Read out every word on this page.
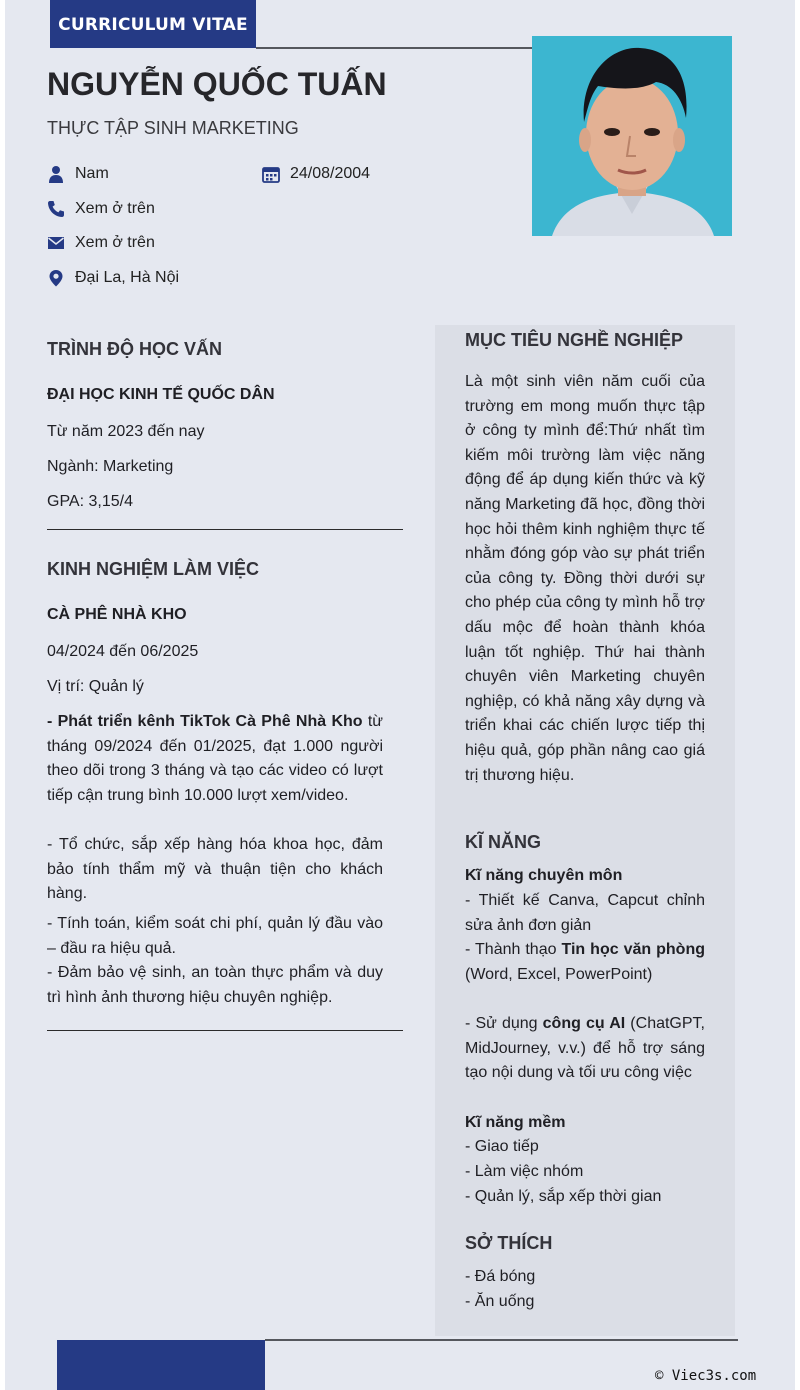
CURRICULUM VITAE
NGUYỄN QUỐC TUẤN
THỰC TẬP SINH MARKETING
Nam	24/08/2004
Xem ở trên
Xem ở trên
Đại La, Hà Nội
TRÌNH ĐỘ HỌC VẤN
ĐẠI HỌC KINH TẾ QUỐC DÂN
Từ năm 2023 đến nay
Ngành: Marketing
GPA: 3,15/4
KINH NGHIỆM LÀM VIỆC
CÀ PHÊ NHÀ KHO
04/2024 đến 06/2025
Vị trí: Quản lý
- Phát triển kênh TikTok Cà Phê Nhà Kho từ tháng 09/2024 đến 01/2025, đạt 1.000 người theo dõi trong 3 tháng và tạo các video có lượt tiếp cận trung bình 10.000 lượt xem/video.
- Tổ chức, sắp xếp hàng hóa khoa học, đảm bảo tính thẩm mỹ và thuận tiện cho khách hàng.
- Tính toán, kiểm soát chi phí, quản lý đầu vào – đầu ra hiệu quả.
- Đảm bảo vệ sinh, an toàn thực phẩm và duy trì hình ảnh thương hiệu chuyên nghiệp.
MỤC TIÊU NGHỀ NGHIỆP
Là một sinh viên năm cuối của trường em mong muốn thực tập ở công ty mình để:Thứ nhất tìm kiếm môi trường làm việc năng động để áp dụng kiến thức và kỹ năng Marketing đã học, đồng thời học hỏi thêm kinh nghiệm thực tế nhằm đóng góp vào sự phát triển của công ty. Đồng thời dưới sự cho phép của công ty mình hỗ trợ dấu mộc để hoàn thành khóa luận tốt nghiệp. Thứ hai thành chuyên viên Marketing chuyên nghiệp, có khả năng xây dựng và triển khai các chiến lược tiếp thị hiệu quả, góp phần nâng cao giá trị thương hiệu.
KĨ NĂNG
Kĩ năng chuyên môn
- Thiết kế Canva, Capcut chỉnh sửa ảnh đơn giản
- Thành thạo Tin học văn phòng (Word, Excel, PowerPoint)
- Sử dụng công cụ AI (ChatGPT, MidJourney, v.v.) để hỗ trợ sáng tạo nội dung và tối ưu công việc
Kĩ năng mềm
- Giao tiếp
- Làm việc nhóm
- Quản lý, sắp xếp thời gian
SỞ THÍCH
- Đá bóng
- Ăn uống
© Viec3s.com
